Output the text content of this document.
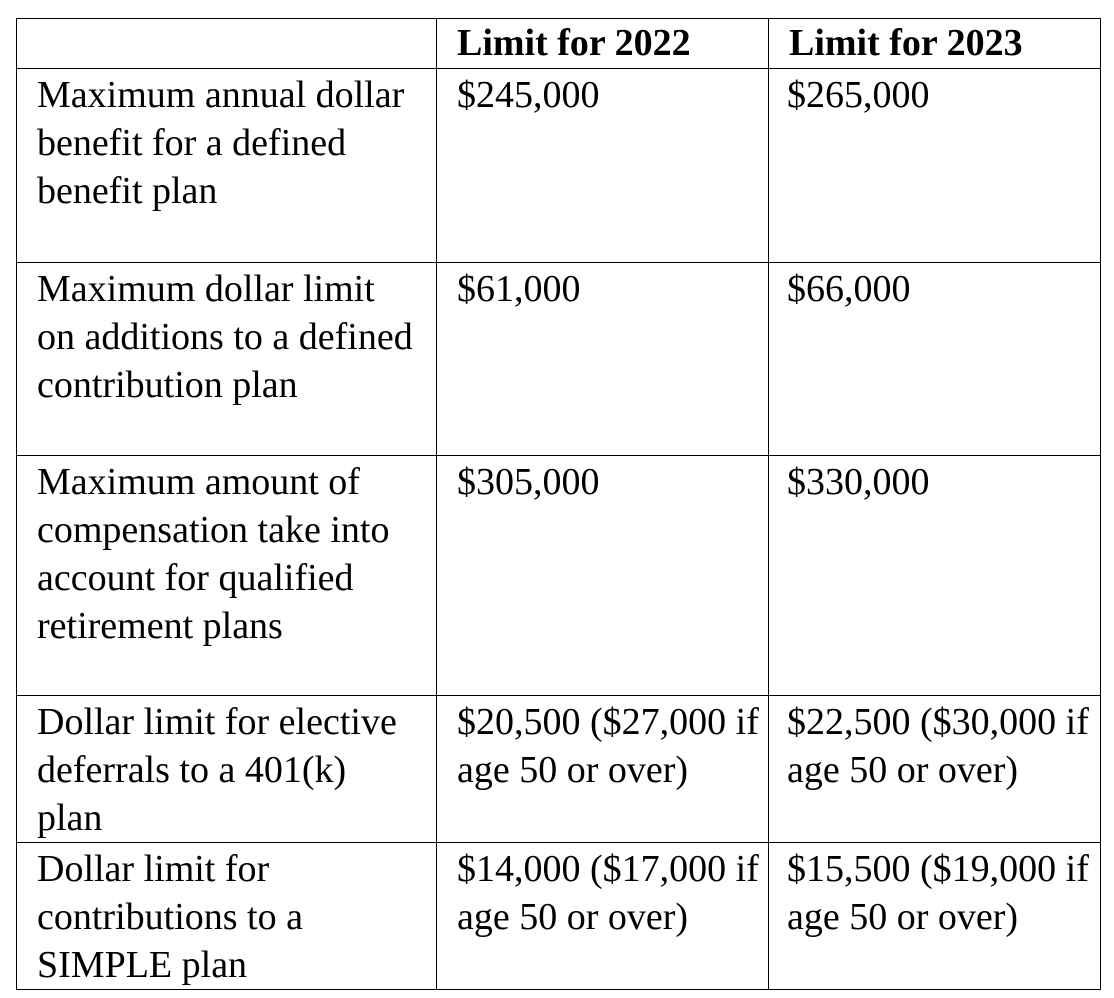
	Limit for 2022	Limit for 2023
Maximum annual dollar benefit for a defined benefit plan	$245,000	$265,000
Maximum dollar limit on additions to a defined contribution plan	$61,000	$66,000
Maximum amount of compensation take into account for qualified retirement plans	$305,000	$330,000
Dollar limit for elective deferrals to a 401(k) plan	$20,500 ($27,000 if age 50 or over)	$22,500 ($30,000 if age 50 or over)
Dollar limit for contributions to a SIMPLE plan	$14,000 ($17,000 if age 50 or over)	$15,500 ($19,000 if age 50 or over)
